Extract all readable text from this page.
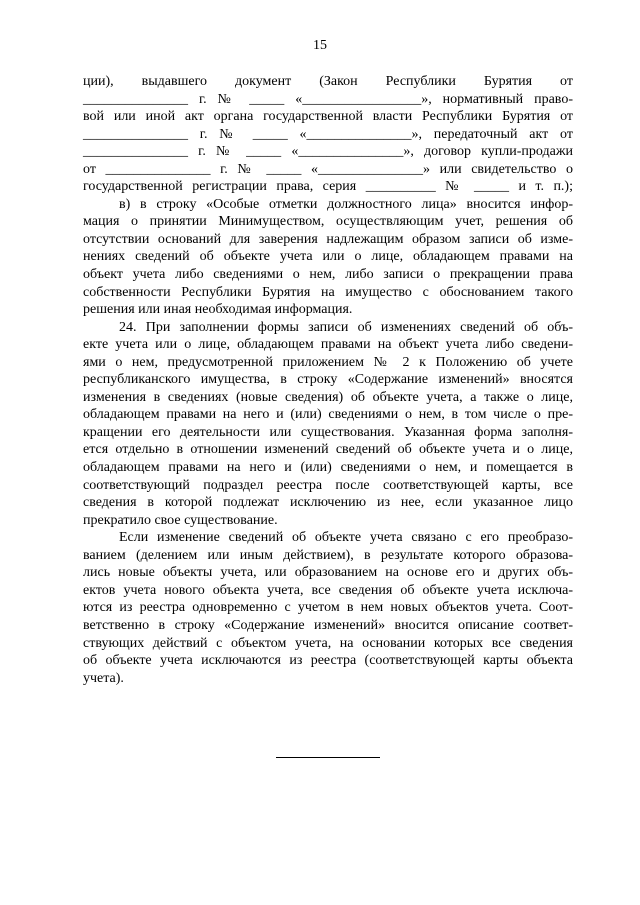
15
ции), выдавшего документ (Закон Республики Бурятия от
_______________ г. № _____ «_________________», нормативный право-
вой или иной акт органа государственной власти Республики Бурятия от
_______________ г. № _____ «_______________», передаточный акт от
_______________ г. № _____ «_______________», договор купли-продажи
от _______________ г. № _____ «_______________» или свидетельство о
государственной регистрации права, серия __________ № _____ и т. п.);
в) в строку «Особые отметки должностного лица» вносится инфор-
мация о принятии Минимуществом, осуществляющим учет, решения об
отсутствии оснований для заверения надлежащим образом записи об изме-
нениях сведений об объекте учета или о лице, обладающем правами на
объект учета либо сведениями о нем, либо записи о прекращении права
собственности Республики Бурятия на имущество с обоснованием такого
решения или иная необходимая информация.
24. При заполнении формы записи об изменениях сведений об объ-
екте учета или о лице, обладающем правами на объект учета либо сведени-
ями о нем, предусмотренной приложением № 2 к Положению об учете
республиканского имущества, в строку «Содержание изменений» вносятся
изменения в сведениях (новые сведения) об объекте учета, а также о лице,
обладающем правами на него и (или) сведениями о нем, в том числе о пре-
кращении его деятельности или существования. Указанная форма заполня-
ется отдельно в отношении изменений сведений об объекте учета и о лице,
обладающем правами на него и (или) сведениями о нем, и помещается в
соответствующий подраздел реестра после соответствующей карты, все
сведения в которой подлежат исключению из нее, если указанное лицо
прекратило свое существование.
Если изменение сведений об объекте учета связано с его преобразо-
ванием (делением или иным действием), в результате которого образова-
лись новые объекты учета, или образованием на основе его и других объ-
ектов учета нового объекта учета, все сведения об объекте учета исключа-
ются из реестра одновременно с учетом в нем новых объектов учета. Соот-
ветственно в строку «Содержание изменений» вносится описание соответ-
ствующих действий с объектом учета, на основании которых все сведения
об объекте учета исключаются из реестра (соответствующей карты объекта
учета).
